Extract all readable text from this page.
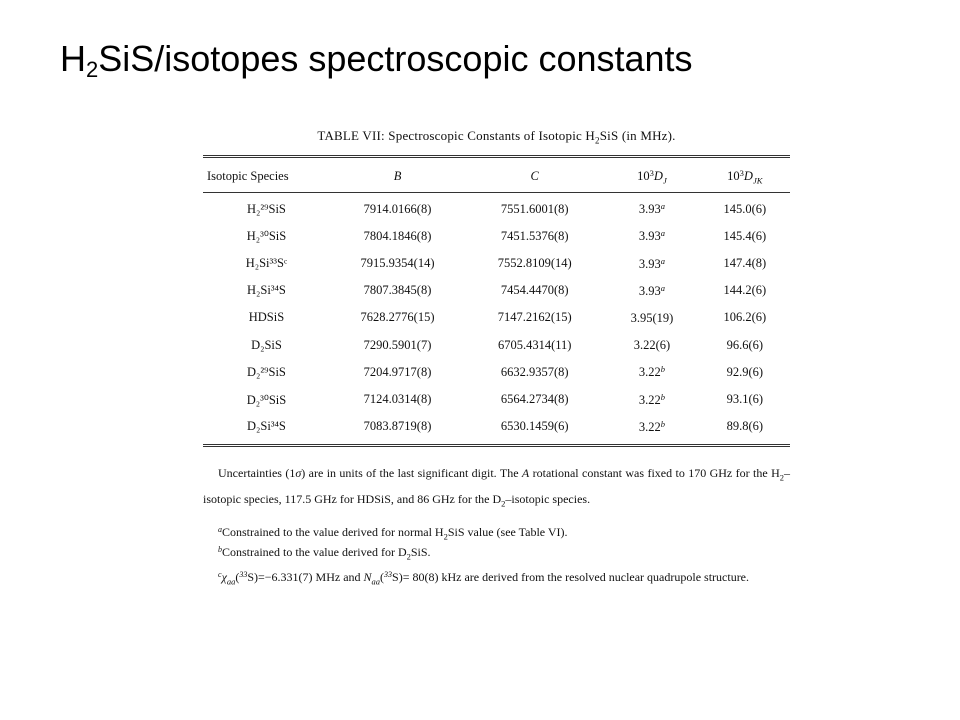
$H_2SiS$/isotopes spectroscopic constants

TABLE VII: Spectroscopic Constants of Isotopic $H_2SiS$ (in MHz).

Isotopic Species	B	C	$10^3D_J$	$10^3D_{JK}$
H₂²⁹SiS	7914.0166(8)	7551.6001(8)	3.93$^a$	145.0(6)
H₂³⁰SiS	7804.1846(8)	7451.5376(8)	3.93$^a$	145.4(6)
H₂Si³³Sᶜ	7915.9354(14)	7552.8109(14)	3.93$^a$	147.4(8)
H₂Si³⁴S	7807.3845(8)	7454.4470(8)	3.93$^a$	144.2(6)
HDSiS	7628.2776(15)	7147.2162(15)	3.95(19)	106.2(6)
D₂SiS	7290.5901(7)	6705.4314(11)	3.22(6)	96.6(6)
D₂²⁹SiS	7204.9717(8)	6632.9357(8)	3.22$^b$	92.9(6)
D₂³⁰SiS	7124.0314(8)	6564.2734(8)	3.22$^b$	93.1(6)
D₂Si³⁴S	7083.8719(8)	6530.1459(6)	3.22$^b$	89.8(6)

Uncertainties (1σ) are in units of the last significant digit. The A rotational constant was fixed to 170 GHz for the $H_2$–isotopic species, 117.5 GHz for HDSiS, and 86 GHz for the $D_2$–isotopic species.

$^a$Constrained to the value derived for normal $H_2SiS$ value (see Table VI).

$^b$Constrained to the value derived for $D_2SiS$.

$^c\chi_{aa}(^{33}S)=-6.331(7)$ MHz and $N_{aa}(^{33}S)= 80(8)$ kHz are derived from the resolved nuclear quadrupole structure.
